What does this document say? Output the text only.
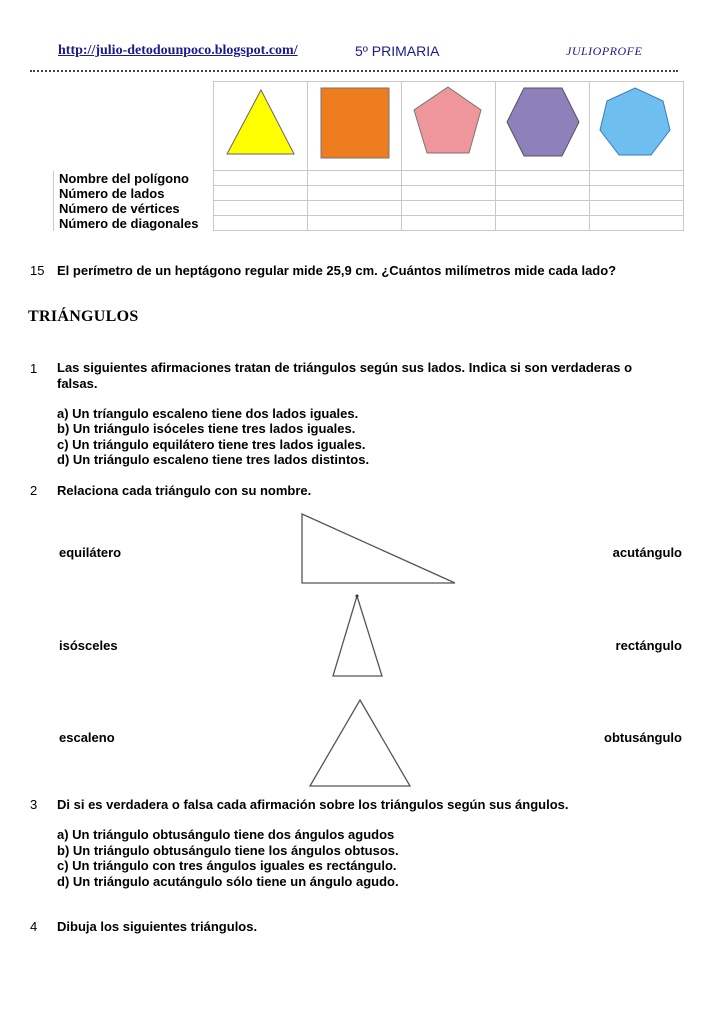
http://julio-detodounpoco.blogspot.com/	5º PRIMARIA	JULIOPROFE

Nombre del polígono					
Número de lados					
Número de vértices					
Número de diagonales					
15 El perímetro de un heptágono regular mide 25,9 cm. ¿Cuántos milímetros mide cada lado?
TRIÁNGULOS
1 Las siguientes afirmaciones tratan de triángulos según sus lados. Indica si son verdaderas o
falsas.
a) Un tríangulo escaleno tiene dos lados iguales.
b) Un triángulo isóceles tiene tres lados iguales.
c) Un triángulo equilátero tiene tres lados iguales.
d) Un triángulo escaleno tiene tres lados distintos.
2 Relaciona cada triángulo con su nombre.
equilátero
isósceles
escaleno
acutángulo
rectángulo
obtusángulo
3 Di si es verdadera o falsa cada afirmación sobre los triángulos según sus ángulos.
a) Un triángulo obtusángulo tiene dos ángulos agudos
b) Un triángulo obtusángulo tiene los ángulos obtusos.
c) Un triángulo con tres ángulos iguales es rectángulo.
d) Un triángulo acutángulo sólo tiene un ángulo agudo.
4 Dibuja los siguientes triángulos.
